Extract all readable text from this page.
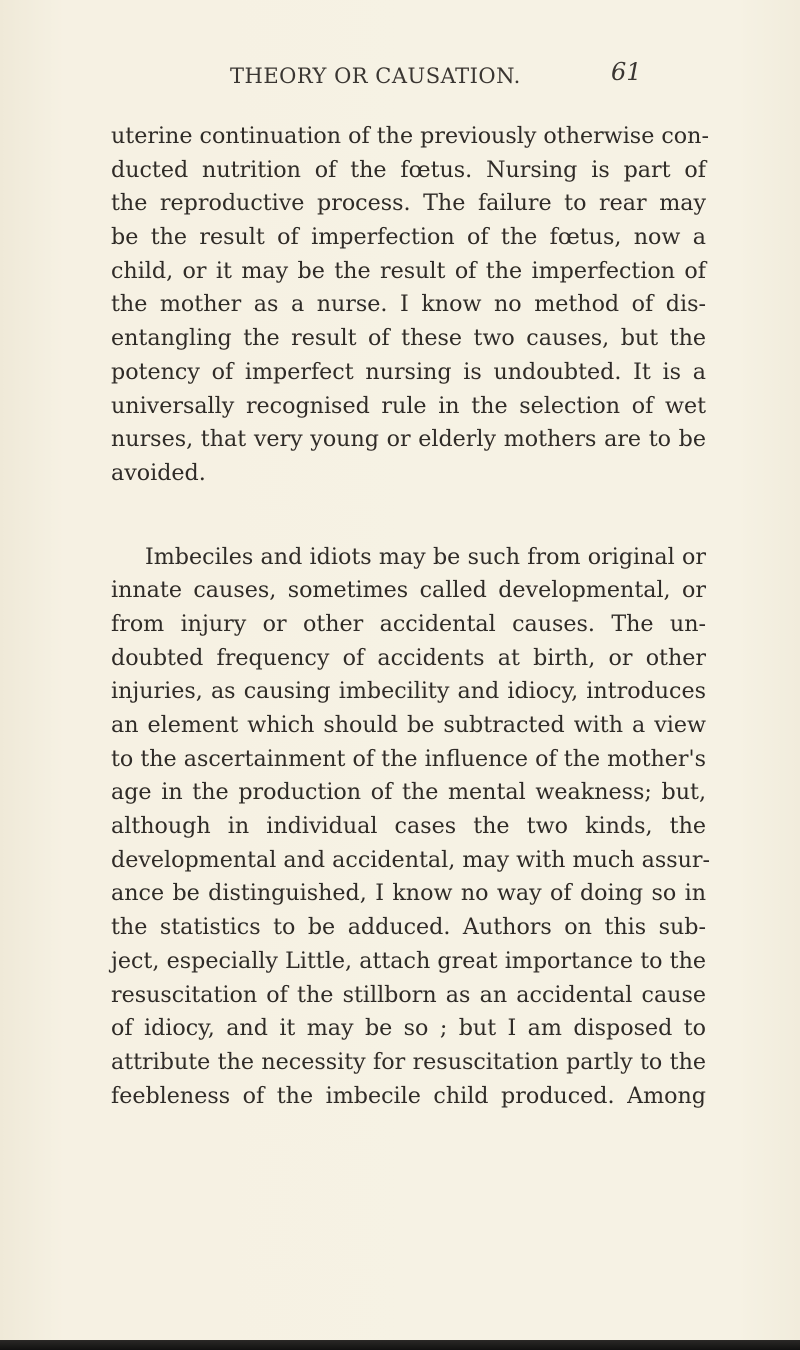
THEORY OR CAUSATION.	61
uterine continuation of the previously otherwise con-
ducted nutrition of the fœtus. Nursing is part of
the reproductive process. The failure to rear may
be the result of imperfection of the fœtus, now a
child, or it may be the result of the imperfection of
the mother as a nurse. I know no method of dis-
entangling the result of these two causes, but the
potency of imperfect nursing is undoubted. It is a
universally recognised rule in the selection of wet
nurses, that very young or elderly mothers are to be
avoided.
Imbeciles and idiots may be such from original or
innate causes, sometimes called developmental, or
from injury or other accidental causes. The un-
doubted frequency of accidents at birth, or other
injuries, as causing imbecility and idiocy, introduces
an element which should be subtracted with a view
to the ascertainment of the influence of the mother's
age in the production of the mental weakness; but,
although in individual cases the two kinds, the
developmental and accidental, may with much assur-
ance be distinguished, I know no way of doing so in
the statistics to be adduced. Authors on this sub-
ject, especially Little, attach great importance to the
resuscitation of the stillborn as an accidental cause
of idiocy, and it may be so ; but I am disposed to
attribute the necessity for resuscitation partly to the
feebleness of the imbecile child produced. Among
